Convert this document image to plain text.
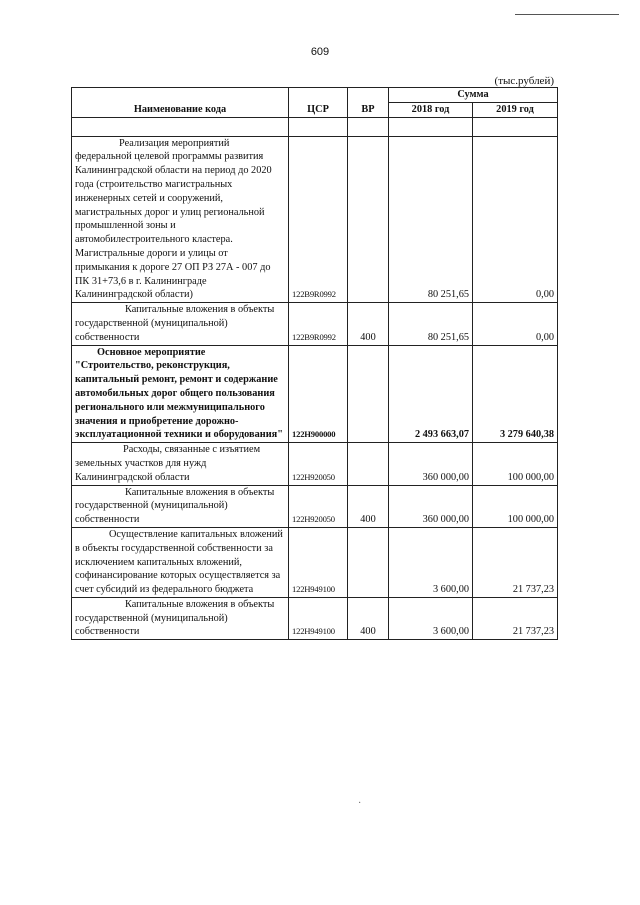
609
(тыс.рублей)
Наименование кода	ЦСР	ВР	Сумма	
			2018 год	2019 год

Реализация мероприятий федеральной целевой программы развития Калининградской области на период до 2020 года (строительство магистральных инженерных сетей и сооружений, магистральных дорог и улиц региональной промышленной зоны и автомобилестроительного кластера. Магистральные дороги и улицы от примыкания к дороге 27 ОП РЗ 27А - 007 до ПК 31+73,6 в г. Калининграде Калининградской области)	122B9R0992		80 251,65	0,00
Капитальные вложения в объекты государственной (муниципальной) собственности	122B9R0992	400	80 251,65	0,00
Основное мероприятие "Строительство, реконструкция, капитальный ремонт, ремонт и содержание автомобильных дорог общего пользования регионального или межмуниципального значения и приобретение дорожно-эксплуатационной техники и оборудования"	122H900000		2 493 663,07	3 279 640,38
Расходы, связанные с изъятием земельных участков для нужд Калининградской области	122H920050		360 000,00	100 000,00
Капитальные вложения в объекты государственной (муниципальной) собственности	122H920050	400	360 000,00	100 000,00
Осуществление капитальных вложений в объекты государственной собственности за исключением капитальных вложений, софинансирование которых осуществляется за счет субсидий из федерального бюджета	122H949100		3 600,00	21 737,23
Капитальные вложения в объекты государственной (муниципальной) собственности	122H949100	400	3 600,00	21 737,23
·
